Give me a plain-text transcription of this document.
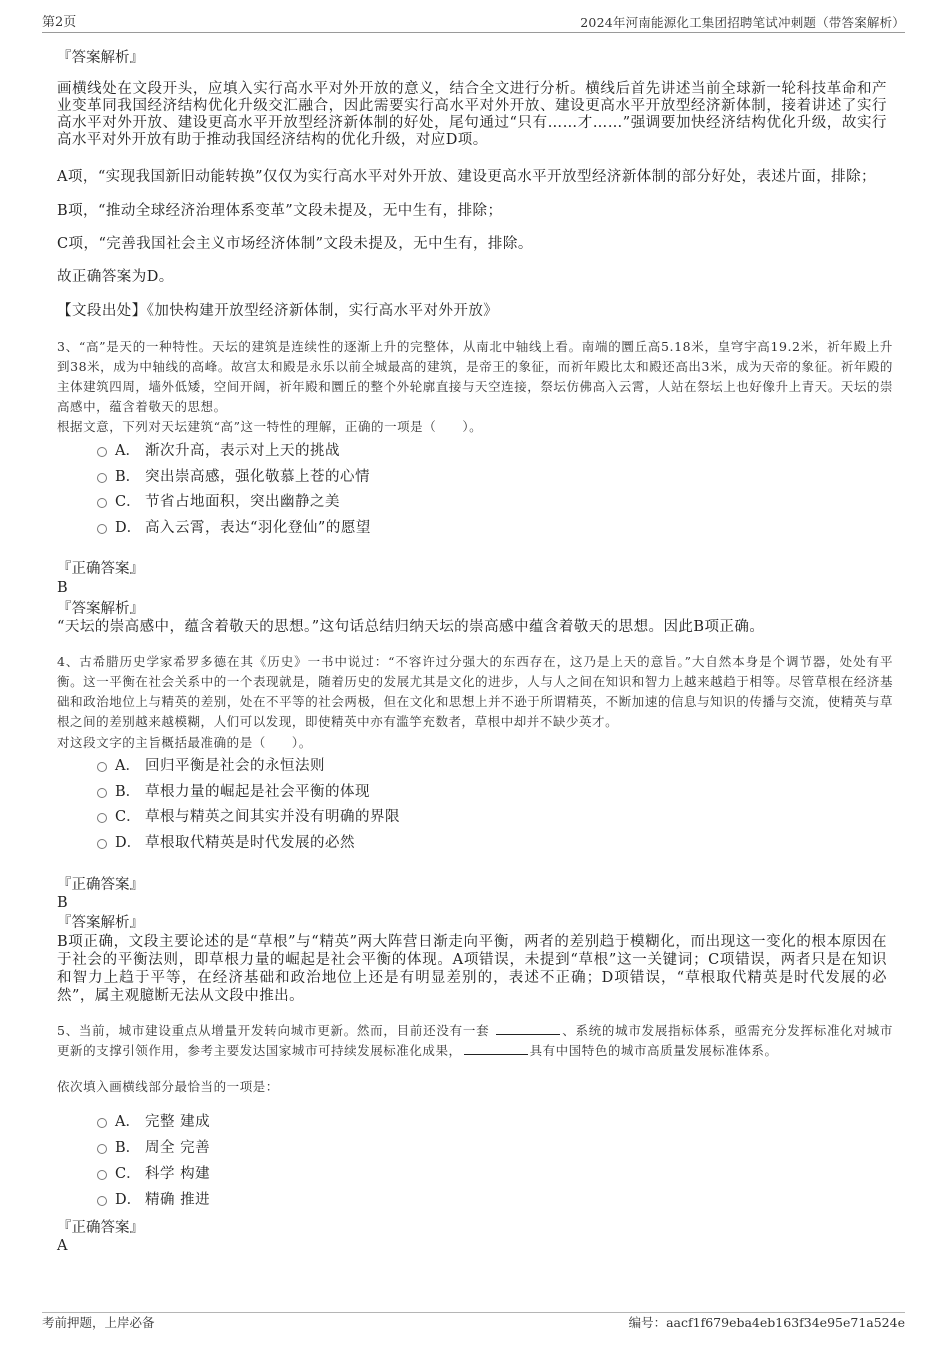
第2页	2024年河南能源化工集团招聘笔试冲刺题（带答案解析）
『答案解析』
画横线处在文段开头，应填入实行高水平对外开放的意义，结合全文进行分析。横线后首先讲述当前全球新一轮科技革命和产业变革同我国经济结构优化升级交汇融合，因此需要实行高水平对外开放、建设更高水平开放型经济新体制，接着讲述了实行高水平对外开放、建设更高水平开放型经济新体制的好处，尾句通过“只有……才……”强调要加快经济结构优化升级，故实行高水平对外开放有助于推动我国经济结构的优化升级，对应D项。
A项，“实现我国新旧动能转换”仅仅为实行高水平对外开放、建设更高水平开放型经济新体制的部分好处，表述片面，排除；
B项，“推动全球经济治理体系变革”文段未提及，无中生有，排除；
C项，“完善我国社会主义市场经济体制”文段未提及，无中生有，排除。
故正确答案为D。
【文段出处】《加快构建开放型经济新体制，实行高水平对外开放》
3、“高”是天的一种特性。天坛的建筑是连续性的逐渐上升的完整体，从南北中轴线上看。南端的圜丘高5.18米，皇穹宇高19.2米，祈年殿上升到38米，成为中轴线的高峰。故宫太和殿是永乐以前全城最高的建筑，是帝王的象征，而祈年殿比太和殿还高出3米，成为天帝的象征。祈年殿的主体建筑四周，墙外低矮，空间开阔，祈年殿和圜丘的整个外轮廓直接与天空连接，祭坛仿佛高入云霄，人站在祭坛上也好像升上青天。天坛的崇高感中，蕴含着敬天的思想。
根据文意，下列对天坛建筑“高”这一特性的理解，正确的一项是（　　）。
A． 渐次升高，表示对上天的挑战
B． 突出崇高感，强化敬慕上苍的心情
C． 节省占地面积，突出幽静之美
D． 高入云霄，表达“羽化登仙”的愿望
『正确答案』
B
『答案解析』
“天坛的崇高感中，蕴含着敬天的思想。”这句话总结归纳天坛的崇高感中蕴含着敬天的思想。因此B项正确。
4、古希腊历史学家希罗多德在其《历史》一书中说过：“不容许过分强大的东西存在，这乃是上天的意旨。”大自然本身是个调节器，处处有平衡。这一平衡在社会关系中的一个表现就是，随着历史的发展尤其是文化的进步，人与人之间在知识和智力上越来越趋于相等。尽管草根在经济基础和政治地位上与精英的差别，处在不平等的社会两极，但在文化和思想上并不逊于所谓精英，不断加速的信息与知识的传播与交流，使精英与草根之间的差别越来越模糊，人们可以发现，即使精英中亦有滥竽充数者，草根中却并不缺少英才。
对这段文字的主旨概括最准确的是（　　）。
A． 回归平衡是社会的永恒法则
B． 草根力量的崛起是社会平衡的体现
C． 草根与精英之间其实并没有明确的界限
D． 草根取代精英是时代发展的必然
『正确答案』
B
『答案解析』
B项正确，文段主要论述的是“草根”与“精英”两大阵营日渐走向平衡，两者的差别趋于模糊化，而出现这一变化的根本原因在于社会的平衡法则，即草根力量的崛起是社会平衡的体现。A项错误，未提到“草根”这一关键词；C项错误，两者只是在知识和智力上趋于平等，在经济基础和政治地位上还是有明显差别的，表述不正确；D项错误，“草根取代精英是时代发展的必然”，属主观臆断无法从文段中推出。
5、当前，城市建设重点从增量开发转向城市更新。然而，目前还没有一套	、系统的城市发展指标体系，亟需充分发挥标准化对城市更新的支撑引领作用，参考主要发达国家城市可持续发展标准化成果，	具有中国特色的城市高质量发展标准体系。
依次填入画横线部分最恰当的一项是：
A． 完整 建成
B． 周全 完善
C． 科学 构建
D． 精确 推进
『正确答案』
A
考前押题，上岸必备	编号：aacf1f679eba4eb163f34e95e71a524e
